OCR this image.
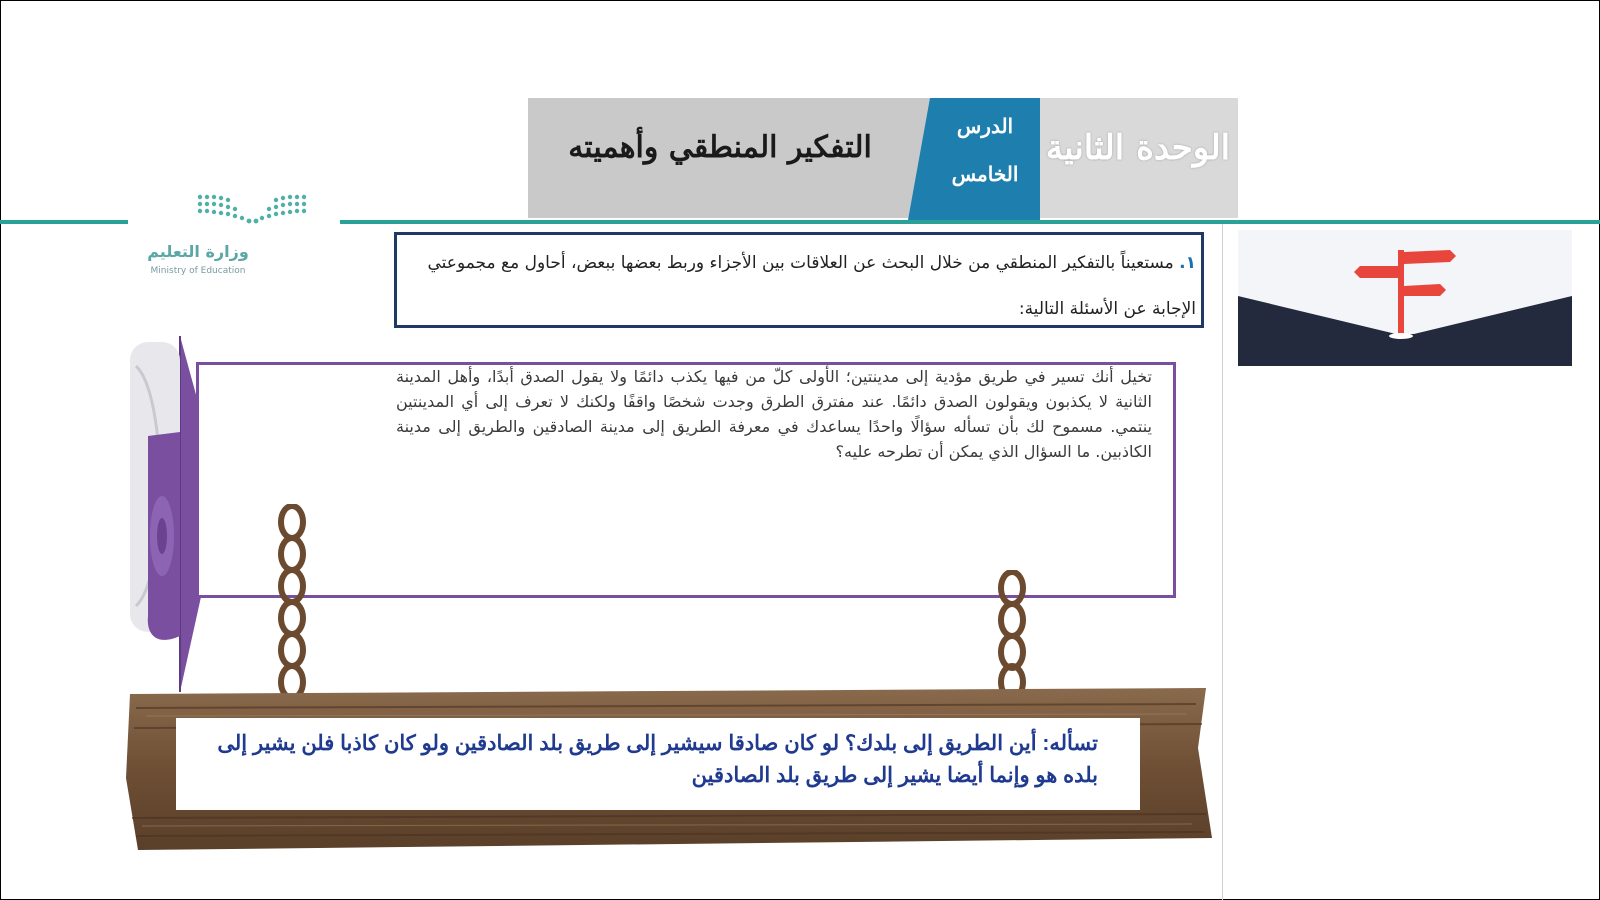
الوحدة الثانية
الدرس
الخامس
التفكير المنطقي وأهميته
وزارة التعليم
Ministry of Education	١. مستعيناً بالتفكير المنطقي من خلال البحث عن العلاقات بين الأجزاء وربط بعضها ببعض، أحاول مع مجموعتي الإجابة عن الأسئلة التالية:
تخيل أنك تسير في طريق مؤدية إلى مدينتين؛ الأولى كلّ من فيها يكذب دائمًا ولا يقول الصدق أبدًا، وأهل المدينة الثانية لا يكذبون ويقولون الصدق دائمًا. عند مفترق الطرق وجدت شخصًا واقفًا ولكنك لا تعرف إلى أي المدينتين ينتمي. مسموح لك بأن تسأله سؤالًا واحدًا يساعدك في معرفة الطريق إلى مدينة الصادقين والطريق إلى مدينة الكاذبين. ما السؤال الذي يمكن أن تطرحه عليه؟
تسأله: أين الطريق إلى بلدك؟ لو كان صادقا سيشير إلى طريق بلد الصادقين ولو كان كاذبا فلن يشير إلى بلده هو وإنما أيضا يشير إلى طريق بلد الصادقين
